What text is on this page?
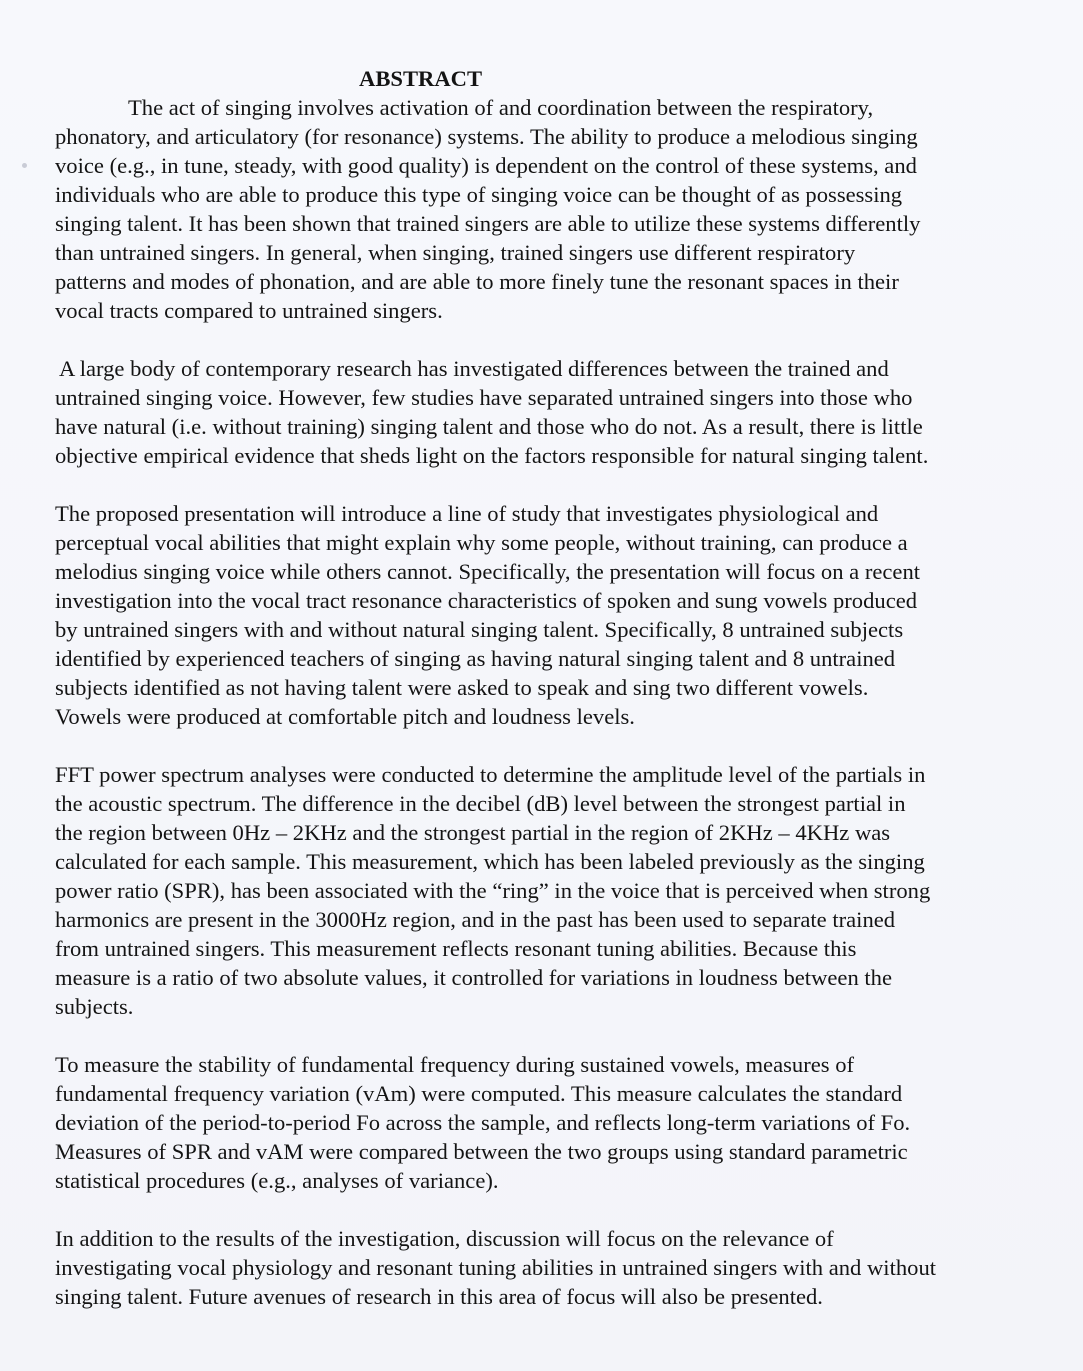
ABSTRACT

The act of singing involves activation of and coordination between the respiratory,
phonatory, and articulatory (for resonance) systems. The ability to produce a melodious singing
voice (e.g., in tune, steady, with good quality) is dependent on the control of these systems, and
individuals who are able to produce this type of singing voice can be thought of as possessing
singing talent. It has been shown that trained singers are able to utilize these systems differently
than untrained singers. In general, when singing, trained singers use different respiratory
patterns and modes of phonation, and are able to more finely tune the resonant spaces in their
vocal tracts compared to untrained singers.

A large body of contemporary research has investigated differences between the trained and
untrained singing voice. However, few studies have separated untrained singers into those who
have natural (i.e. without training) singing talent and those who do not. As a result, there is little
objective empirical evidence that sheds light on the factors responsible for natural singing talent.

The proposed presentation will introduce a line of study that investigates physiological and
perceptual vocal abilities that might explain why some people, without training, can produce a
melodius singing voice while others cannot. Specifically, the presentation will focus on a recent
investigation into the vocal tract resonance characteristics of spoken and sung vowels produced
by untrained singers with and without natural singing talent. Specifically, 8 untrained subjects
identified by experienced teachers of singing as having natural singing talent and 8 untrained
subjects identified as not having talent were asked to speak and sing two different vowels.
Vowels were produced at comfortable pitch and loudness levels.

FFT power spectrum analyses were conducted to determine the amplitude level of the partials in
the acoustic spectrum. The difference in the decibel (dB) level between the strongest partial in
the region between 0Hz – 2KHz and the strongest partial in the region of 2KHz – 4KHz was
calculated for each sample. This measurement, which has been labeled previously as the singing
power ratio (SPR), has been associated with the “ring” in the voice that is perceived when strong
harmonics are present in the 3000Hz region, and in the past has been used to separate trained
from untrained singers. This measurement reflects resonant tuning abilities. Because this
measure is a ratio of two absolute values, it controlled for variations in loudness between the
subjects.

To measure the stability of fundamental frequency during sustained vowels, measures of
fundamental frequency variation (vAm) were computed. This measure calculates the standard
deviation of the period-to-period Fo across the sample, and reflects long-term variations of Fo.
Measures of SPR and vAM were compared between the two groups using standard parametric
statistical procedures (e.g., analyses of variance).

In addition to the results of the investigation, discussion will focus on the relevance of
investigating vocal physiology and resonant tuning abilities in untrained singers with and without
singing talent. Future avenues of research in this area of focus will also be presented.
